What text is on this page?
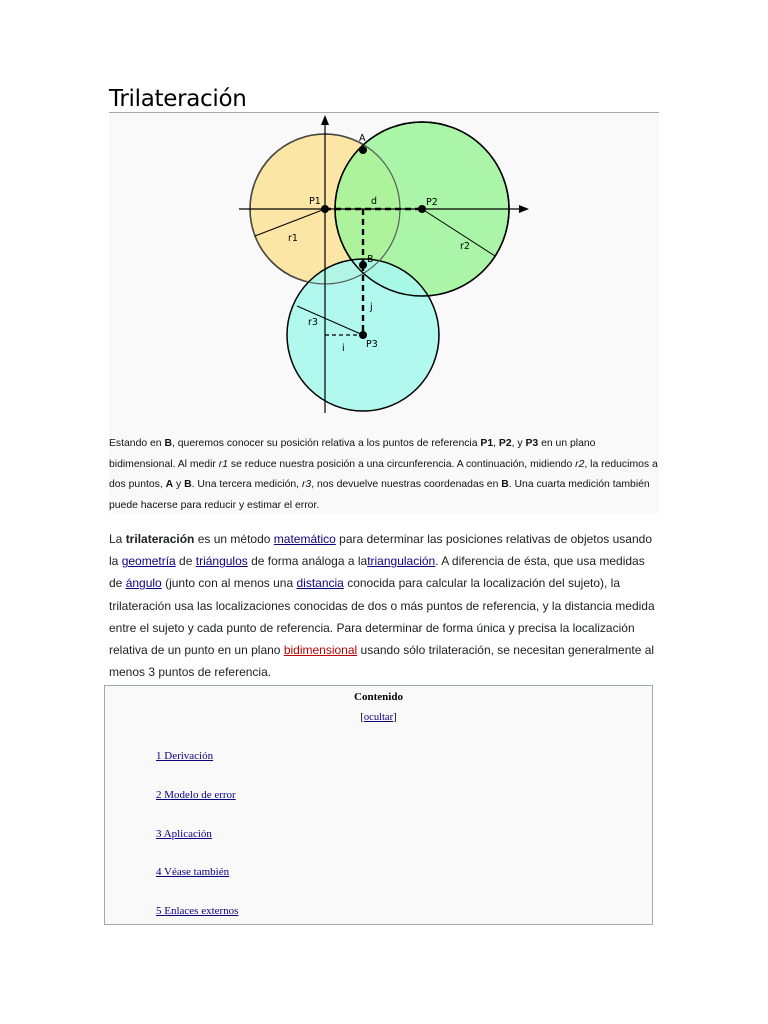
Trilateración
A
P1	d	P2
r1
r2
B
j
r3
P3
i
Estando en B, queremos conocer su posición relativa a los puntos de referencia P1, P2, y P3 en un plano bidimensional. Al medir r1 se reduce nuestra posición a una circunferencia. A continuación, midiendo r2, la reducimos a dos puntos, A y B. Una tercera medición, r3, nos devuelve nuestras coordenadas en B. Una cuarta medición también puede hacerse para reducir y estimar el error.

La trilateración es un método matemático para determinar las posiciones relativas de objetos usando la geometría de triángulos de forma análoga a latriangulación. A diferencia de ésta, que usa medidas de ángulo (junto con al menos una distancia conocida para calcular la localización del sujeto), la trilateración usa las localizaciones conocidas de dos o más puntos de referencia, y la distancia medida entre el sujeto y cada punto de referencia. Para determinar de forma única y precisa la localización relativa de un punto en un plano bidimensional usando sólo trilateración, se necesitan generalmente al menos 3 puntos de referencia.

Contenido
[ocultar]
1 Derivación
2 Modelo de error
3 Aplicación
4 Véase también
5 Enlaces externos
